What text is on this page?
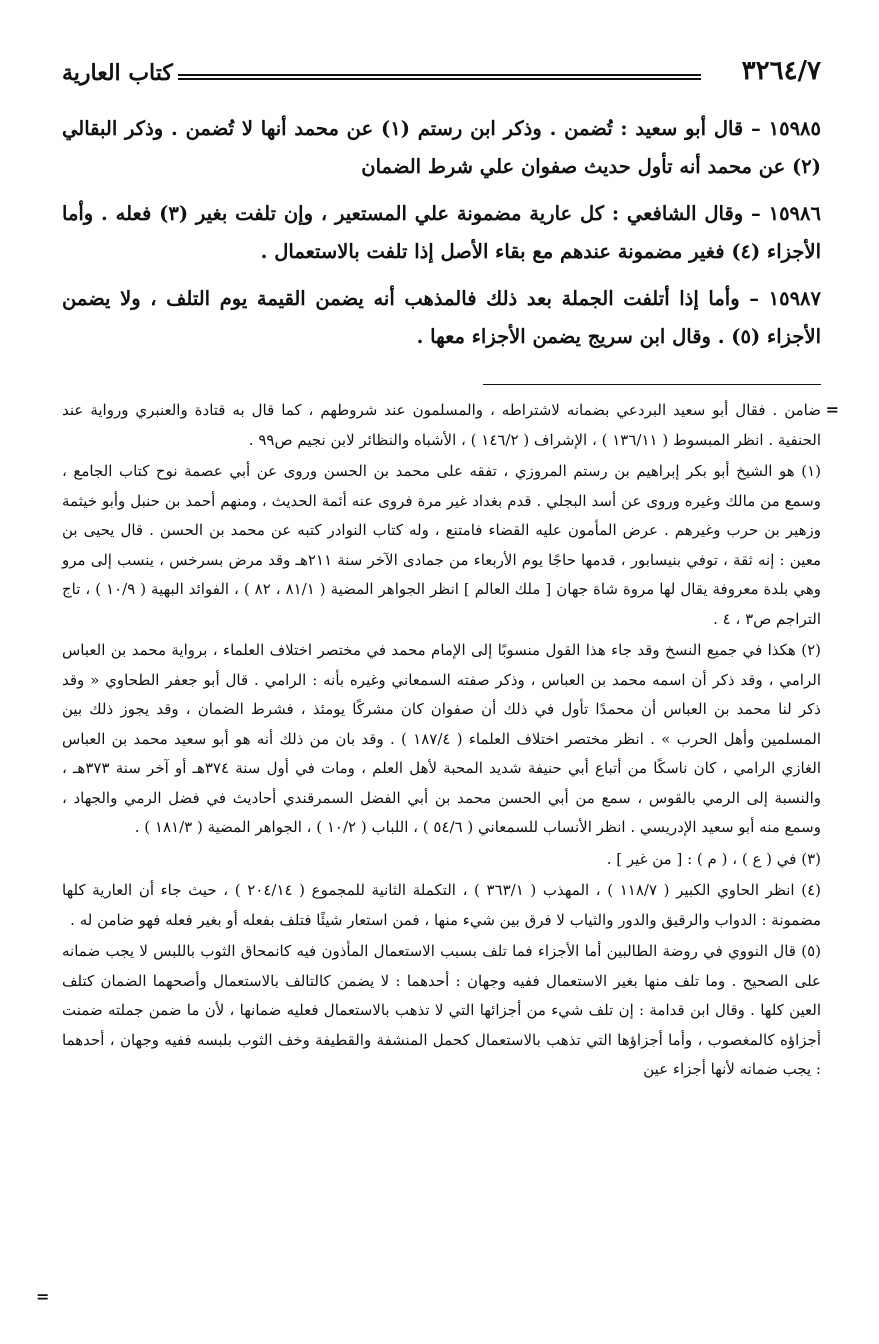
٣٢٦٤/٧
كتاب العارية

١٥٩٨٥ – قال أبو سعيد : تُضمن . وذكر ابن رستم (١) عن محمد أنها لا تُضمن . وذكر البقالي (٢) عن محمد أنه تأول حديث صفوان علي شرط الضمان

١٥٩٨٦ – وقال الشافعي : كل عارية مضمونة علي المستعير ، وإن تلفت بغير (٣) فعله . وأما الأجزاء (٤) فغير مضمونة عندهم مع بقاء الأصل إذا تلفت بالاستعمال .

١٥٩٨٧ – وأما إذا أتلفت الجملة بعد ذلك فالمذهب أنه يضمن القيمة يوم التلف ، ولا يضمن الأجزاء (٥) . وقال ابن سريج يضمن الأجزاء معها .

=

ضامن . فقال أبو سعيد البردعي بضمانه لاشتراطه ، والمسلمون عند شروطهم ، كما قال به قتادة والعنبري ورواية عند الحنفية . انظر المبسوط ( ١٣٦/١١ ) ، الإشراف ( ١٤٦/٢ ) ، الأشباه والنظائر لابن نجيم ص٩٩ .

(١) هو الشيخ أبو بكر إبراهيم بن رستم المروزي ، تفقه على محمد بن الحسن وروى عن أبي عصمة نوح كتاب الجامع ، وسمع من مالك وغيره وروى عن أسد البجلي . قدم بغداد غير مرة فروى عنه أئمة الحديث ، ومنهم أحمد بن حنبل وأبو خيثمة وزهير بن حرب وغيرهم . عرض المأمون عليه القضاء فامتنع ، وله كتاب النوادر كتبه عن محمد بن الحسن . قال يحيى بن معين : إنه ثقة ، توفي بنيسابور ، قدمها حاجًا يوم الأربعاء من جمادى الآخر سنة ٢١١هـ وقد مرض بسرخس ، ينسب إلى مرو وهي بلدة معروفة يقال لها مروة شاة جهان [ ملك العالم ] انظر الجواهر المضية ( ٨١/١ ، ٨٢ ) ، الفوائد البهية ( ١٠/٩ ) ، تاج التراجم ص٣ ، ٤ .

(٢) هكذا في جميع النسخ وقد جاء هذا القول منسوبًا إلى الإمام محمد في مختصر اختلاف العلماء ، برواية محمد بن العباس الرامي ، وقد ذكر أن اسمه محمد بن العباس ، وذكر صفته السمعاني وغيره بأنه : الرامي . قال أبو جعفر الطحاوي « وقد ذكر لنا محمد بن العباس أن محمدًا تأول في ذلك أن صفوان كان مشركًا يومئذ ، فشرط الضمان ، وقد يجوز ذلك بين المسلمين وأهل الحرب » . انظر مختصر اختلاف العلماء ( ١٨٧/٤ ) . وقد بان من ذلك أنه هو أبو سعيد محمد بن العباس الغازي الرامي ، كان ناسكًا من أتباع أبي حنيفة شديد المحبة لأهل العلم ، ومات في أول سنة ٣٧٤هـ أو آخر سنة ٣٧٣هـ ، والنسبة إلى الرمي بالقوس ، سمع من أبي الحسن محمد بن أبي الفضل السمرقندي أحاديث في فضل الرمي والجهاد ، وسمع منه أبو سعيد الإدريسي . انظر الأنساب للسمعاني ( ٥٤/٦ ) ، اللباب ( ١٠/٢ ) ، الجواهر المضية ( ١٨١/٣ ) .

(٣) في ( ع ) ، ( م ) : [ من غير ] .

(٤) انظر الحاوي الكبير ( ١١٨/٧ ) ، المهذب ( ٣٦٣/١ ) ، التكملة الثانية للمجموع ( ٢٠٤/١٤ ) ، حيث جاء أن العارية كلها مضمونة : الدواب والرقيق والدور والثياب لا فرق بين شيء منها ، فمن استعار شيئًا فتلف بفعله أو بغير فعله فهو ضامن له .

(٥) قال النووي في روضة الطالبين أما الأجزاء فما تلف بسبب الاستعمال المأذون فيه كانمحاق الثوب باللبس لا يجب ضمانه على الصحيح . وما تلف منها بغير الاستعمال ففيه وجهان : أحدهما : لا يضمن كالتالف بالاستعمال وأصحهما الضمان كتلف العين كلها . وقال ابن قدامة : إن تلف شيء من أجزائها التي لا تذهب بالاستعمال فعليه ضمانها ، لأن ما ضمن جملته ضمنت أجزاؤه كالمغصوب ، وأما أجزاؤها التي تذهب بالاستعمال كحمل المنشفة والقطيفة وخف الثوب بلبسه ففيه وجهان ، أحدهما : يجب ضمانه لأنها أجزاء عين

=
